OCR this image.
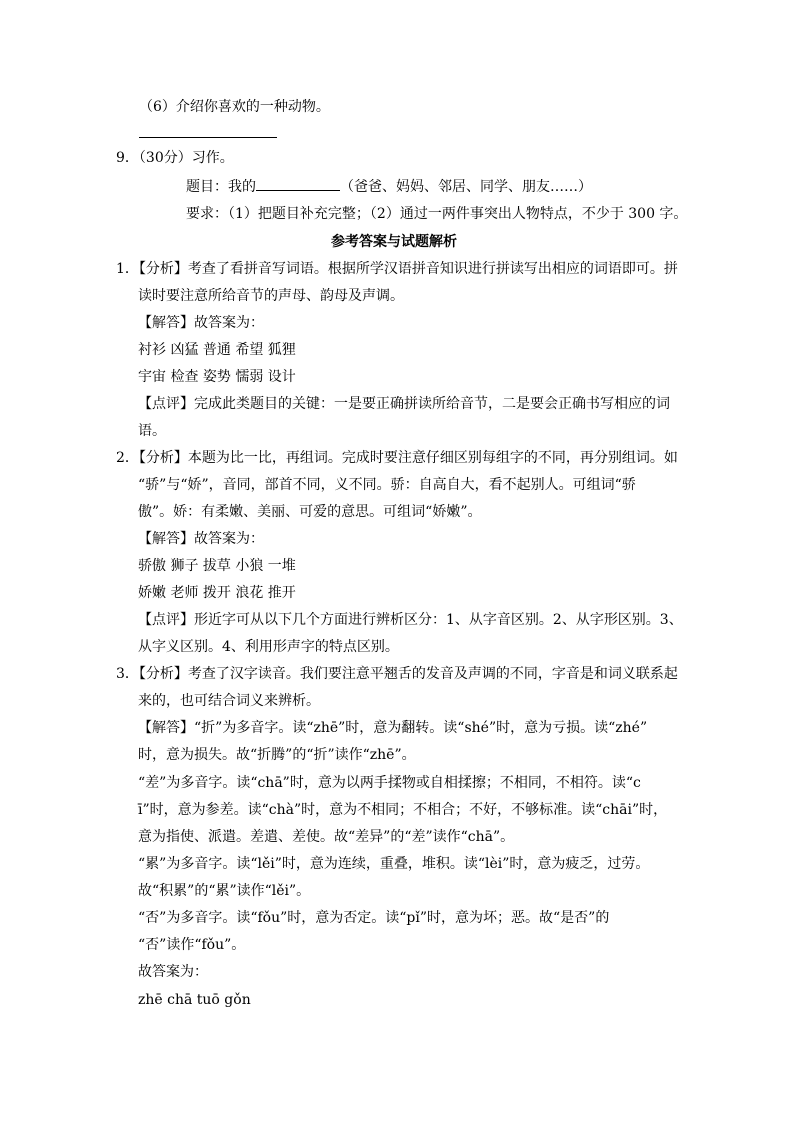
（6）介绍你喜欢的一种动物。
9．（30分）习作。
题目：我的	（爸爸、妈妈、邻居、同学、朋友……）
要求：（1）把题目补充完整；（2）通过一两件事突出人物特点，不少于 300 字。
参考答案与试题解析
1．【分析】考查了看拼音写词语。根据所学汉语拼音知识进行拼读写出相应的词语即可。拼
读时要注意所给音节的声母、韵母及声调。
【解答】故答案为：
衬衫 凶猛 普通 希望 狐狸
宇宙 检查 姿势 懦弱 设计
【点评】完成此类题目的关键：一是要正确拼读所给音节，二是要会正确书写相应的词
语。
2．【分析】本题为比一比，再组词。完成时要注意仔细区别每组字的不同，再分别组词。如
“骄”与“娇”，音同，部首不同，义不同。骄：自高自大，看不起别人。可组词“骄
傲”。娇：有柔嫩、美丽、可爱的意思。可组词“娇嫩”。
【解答】故答案为：
骄傲 狮子 拔草 小狼 一堆
娇嫩 老师 拨开 浪花 推开
【点评】形近字可从以下几个方面进行辨析区分：1、从字音区别。2、从字形区别。3、
从字义区别。4、利用形声字的特点区别。
3．【分析】考查了汉字读音。我们要注意平翘舌的发音及声调的不同，字音是和词义联系起
来的，也可结合词义来辨析。
【解答】“折”为多音字。读“zhē”时，意为翻转。读“shé”时，意为亏损。读“zhé”
时，意为损失。故“折腾”的“折”读作“zhē”。
“差”为多音字。读“chā”时，意为以两手揉物或自相揉擦；不相同，不相符。读“c
ī”时，意为参差。读“chà”时，意为不相同；不相合；不好，不够标准。读“chāi”时，
意为指使、派遣。差遣、差使。故“差异”的“差”读作“chā”。
“累”为多音字。读“lěi”时，意为连续，重叠，堆积。读“lèi”时，意为疲乏，过劳。
故“积累”的“累”读作“lěi”。
“否”为多音字。读“fǒu”时，意为否定。读“pǐ”时，意为坏；恶。故“是否”的
“否”读作“fǒu”。
故答案为：
zhē chā tuō gǒn
